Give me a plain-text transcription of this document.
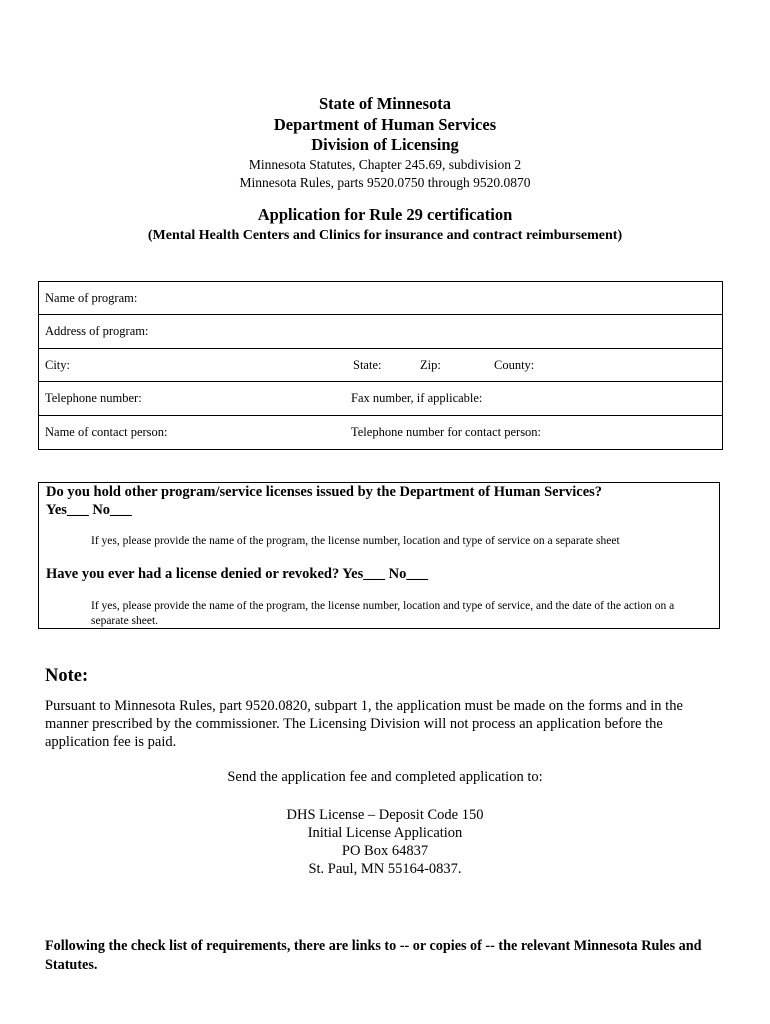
State of Minnesota
Department of Human Services
Division of Licensing
Minnesota Statutes, Chapter 245.69, subdivision 2
Minnesota Rules, parts 9520.0750 through 9520.0870
Application for Rule 29 certification
(Mental Health Centers and Clinics for insurance and contract reimbursement)
Name of program:
Address of program:
City:	State:	Zip:	County:
Telephone number:	Fax number, if applicable:
Name of contact person:	Telephone number for contact person:
Do you hold other program/service licenses issued by the Department of Human Services?
Yes___ No___
If yes, please provide the name of the program, the license number, location and type of service on a separate sheet
Have you ever had a license denied or revoked? Yes___ No___
If yes, please provide the name of the program, the license number, location and type of service, and the date of the action on a separate sheet.
Note:
Pursuant to Minnesota Rules, part 9520.0820, subpart 1, the application must be made on the forms and in the manner prescribed by the commissioner. The Licensing Division will not process an application before the application fee is paid.
Send the application fee and completed application to:
DHS License – Deposit Code 150
Initial License Application
PO Box 64837
St. Paul, MN 55164-0837.
Following the check list of requirements, there are links to -- or copies of -- the relevant Minnesota Rules and Statutes.
